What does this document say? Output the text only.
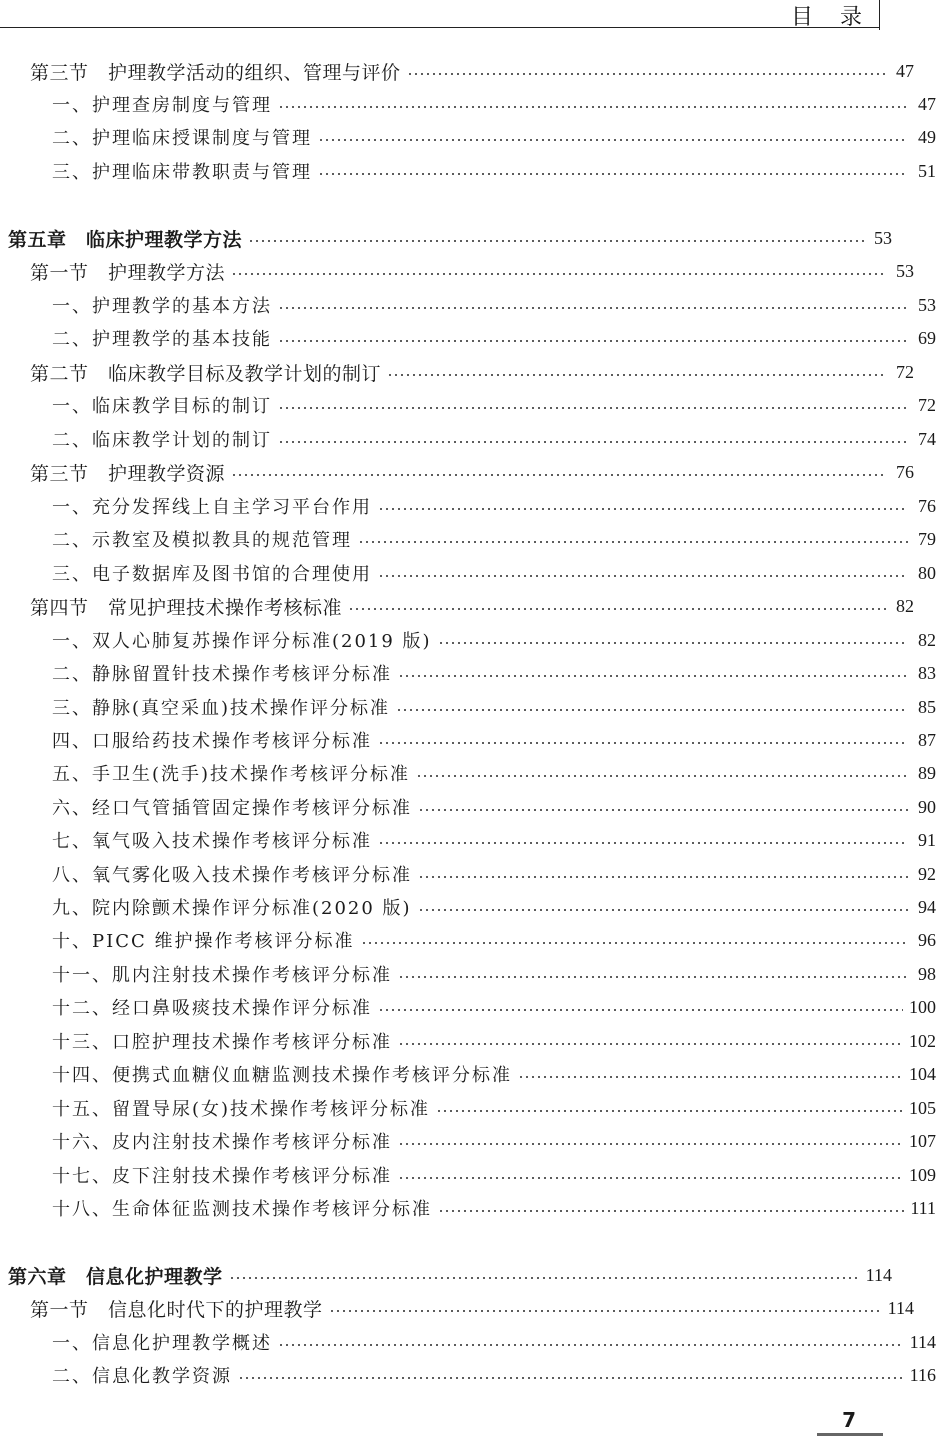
目 录
第三节　护理教学活动的组织、管理与评价	47
一、护理查房制度与管理	47
二、护理临床授课制度与管理	49
三、护理临床带教职责与管理	51
第五章　临床护理教学方法	53
第一节　护理教学方法	53
一、护理教学的基本方法	53
二、护理教学的基本技能	69
第二节　临床教学目标及教学计划的制订	72
一、临床教学目标的制订	72
二、临床教学计划的制订	74
第三节　护理教学资源	76
一、充分发挥线上自主学习平台作用	76
二、示教室及模拟教具的规范管理	79
三、电子数据库及图书馆的合理使用	80
第四节　常见护理技术操作考核标准	82
一、双人心肺复苏操作评分标准(2019 版)	82
二、静脉留置针技术操作考核评分标准	83
三、静脉(真空采血)技术操作评分标准	85
四、口服给药技术操作考核评分标准	87
五、手卫生(洗手)技术操作考核评分标准	89
六、经口气管插管固定操作考核评分标准	90
七、氧气吸入技术操作考核评分标准	91
八、氧气雾化吸入技术操作考核评分标准	92
九、院内除颤术操作评分标准(2020 版)	94
十、PICC 维护操作考核评分标准	96
十一、肌内注射技术操作考核评分标准	98
十二、经口鼻吸痰技术操作评分标准	100
十三、口腔护理技术操作考核评分标准	102
十四、便携式血糖仪血糖监测技术操作考核评分标准	104
十五、留置导尿(女)技术操作考核评分标准	105
十六、皮内注射技术操作考核评分标准	107
十七、皮下注射技术操作考核评分标准	109
十八、生命体征监测技术操作考核评分标准	111
第六章　信息化护理教学	114
第一节　信息化时代下的护理教学	114
一、信息化护理教学概述	114
二、信息化教学资源	116
7
